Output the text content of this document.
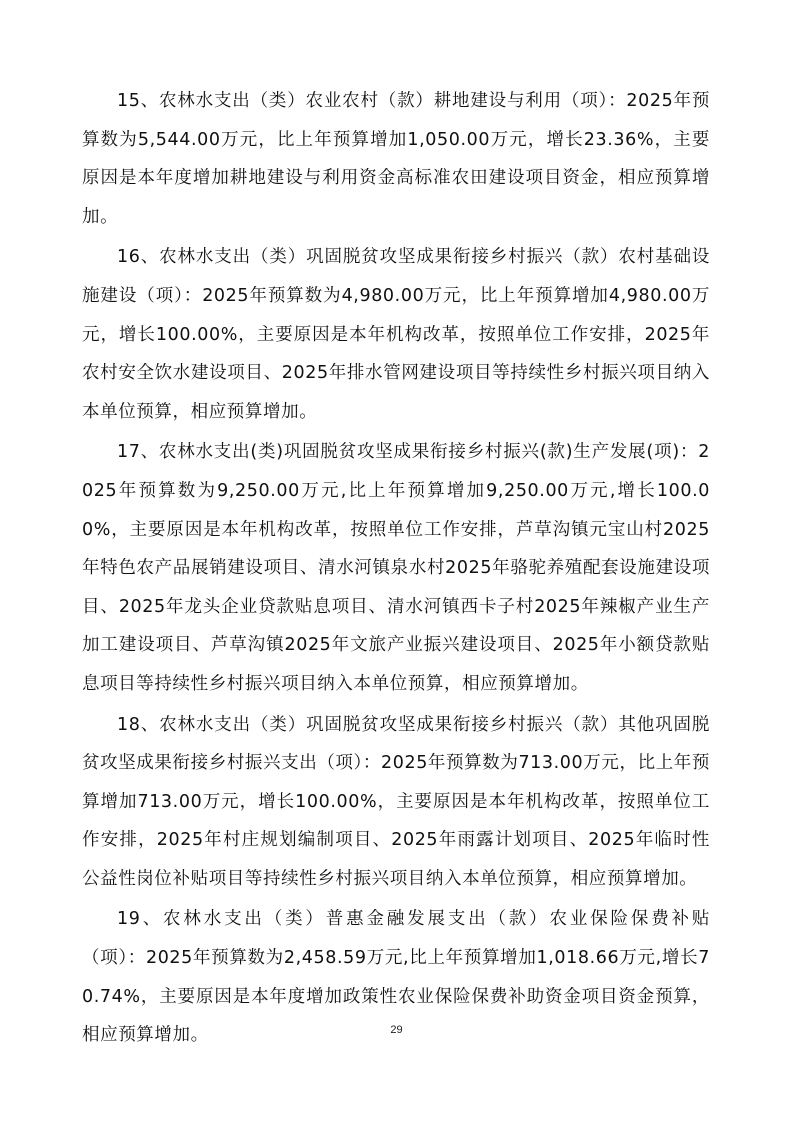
15、农林水支出（类）农业农村（款）耕地建设与利用（项）：2025年预算数为5,544.00万元，比上年预算增加1,050.00万元，增长23.36%，主要原因是本年度增加耕地建设与利用资金高标准农田建设项目资金，相应预算增加。

16、农林水支出（类）巩固脱贫攻坚成果衔接乡村振兴（款）农村基础设施建设（项）：2025年预算数为4,980.00万元，比上年预算增加4,980.00万元，增长100.00%，主要原因是本年机构改革，按照单位工作安排，2025年农村安全饮水建设项目、2025年排水管网建设项目等持续性乡村振兴项目纳入本单位预算，相应预算增加。

17、农林水支出(类)巩固脱贫攻坚成果衔接乡村振兴(款)生产发展(项)：2025年预算数为9,250.00万元,比上年预算增加9,250.00万元,增长100.00%，主要原因是本年机构改革，按照单位工作安排，芦草沟镇元宝山村2025年特色农产品展销建设项目、清水河镇泉水村2025年骆驼养殖配套设施建设项目、2025年龙头企业贷款贴息项目、清水河镇西卡子村2025年辣椒产业生产加工建设项目、芦草沟镇2025年文旅产业振兴建设项目、2025年小额贷款贴息项目等持续性乡村振兴项目纳入本单位预算，相应预算增加。

18、农林水支出（类）巩固脱贫攻坚成果衔接乡村振兴（款）其他巩固脱贫攻坚成果衔接乡村振兴支出（项）：2025年预算数为713.00万元，比上年预算增加713.00万元，增长100.00%，主要原因是本年机构改革，按照单位工作安排，2025年村庄规划编制项目、2025年雨露计划项目、2025年临时性公益性岗位补贴项目等持续性乡村振兴项目纳入本单位预算，相应预算增加。

19、农林水支出（类）普惠金融发展支出（款）农业保险保费补贴（项）：2025年预算数为2,458.59万元,比上年预算增加1,018.66万元,增长70.74%，主要原因是本年度增加政策性农业保险保费补助资金项目资金预算，相应预算增加。	29
